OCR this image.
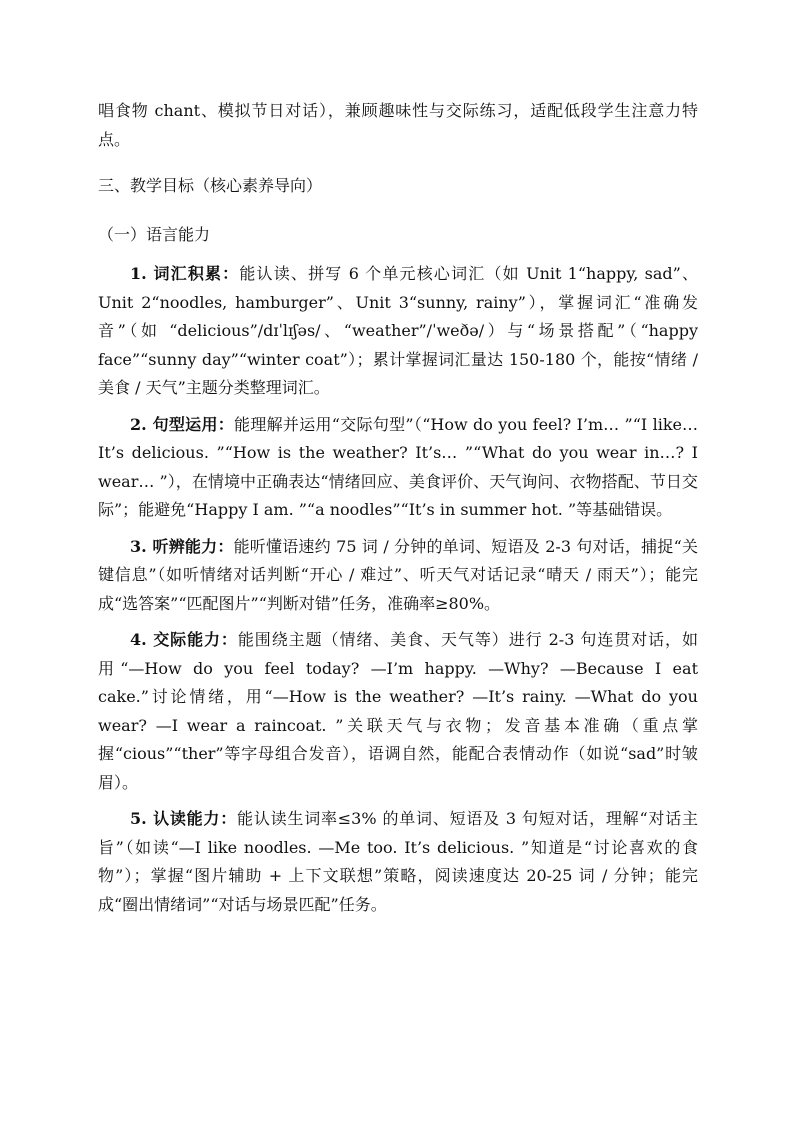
唱食物 chant、模拟节日对话），兼顾趣味性与交际练习，适配低段学生注意力特点。

三、教学目标（核心素养导向）

（一）语言能力

1. 词汇积累：能认读、拼写 6 个单元核心词汇（如 Unit 1“happy, sad”、Unit 2“noodles, hamburger”、Unit 3“sunny, rainy”），掌握词汇“准确发音”（如 “delicious”/dɪˈlɪʃəs/、“weather”/ˈweðə/）与“场景搭配”（“happy face”“sunny day”“winter coat”）；累计掌握词汇量达 150-180 个，能按“情绪 / 美食 / 天气”主题分类整理词汇。

2. 句型运用：能理解并运用“交际句型”（“How do you feel? I’m… ”“I like… It’s delicious. ”“How is the weather? It’s… ”“What do you wear in…? I wear… ”），在情境中正确表达“情绪回应、美食评价、天气询问、衣物搭配、节日交际”；能避免“Happy I am. ”“a noodles”“It’s in summer hot. ”等基础错误。

3. 听辨能力：能听懂语速约 75 词 / 分钟的单词、短语及 2-3 句对话，捕捉“关键信息”（如听情绪对话判断“开心 / 难过”、听天气对话记录“晴天 / 雨天”）；能完成“选答案”“匹配图片”“判断对错”任务，准确率≥80%。

4. 交际能力：能围绕主题（情绪、美食、天气等）进行 2-3 句连贯对话，如用“—How do you feel today? —I’m happy. —Why? —Because I eat cake.”讨论情绪，用“—How is the weather? —It’s rainy. —What do you wear? —I wear a raincoat. ”关联天气与衣物；发音基本准确（重点掌握“cious”“ther”等字母组合发音），语调自然，能配合表情动作（如说“sad”时皱眉）。

5. 认读能力：能认读生词率≤3% 的单词、短语及 3 句短对话，理解“对话主旨”（如读“—I like noodles. —Me too. It’s delicious. ”知道是“讨论喜欢的食物”）；掌握“图片辅助 + 上下文联想”策略，阅读速度达 20-25 词 / 分钟；能完成“圈出情绪词”“对话与场景匹配”任务。
